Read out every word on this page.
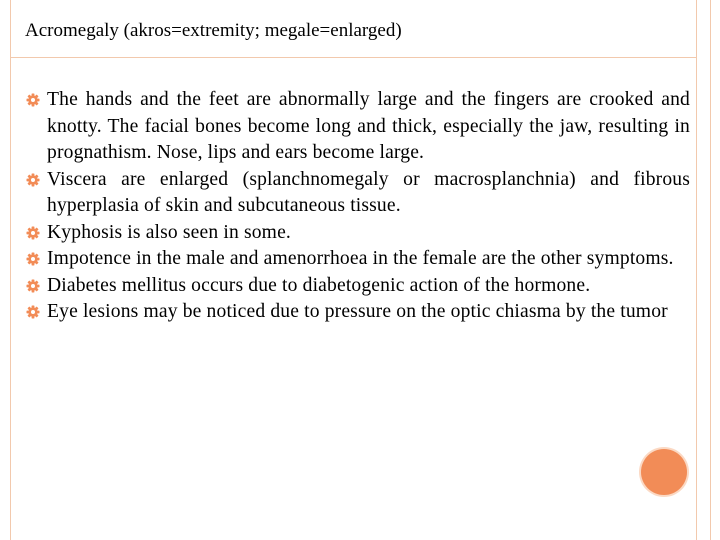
Acromegaly (akros=extremity; megale=enlarged)
The hands and the feet are abnormally large and the fingers are crooked and knotty. The facial bones become long and thick, especially the jaw, resulting in prognathism. Nose, lips and ears become large.
Viscera are enlarged (splanchnomegaly or macrosplanchnia) and fibrous hyperplasia of skin and subcutaneous tissue.
Kyphosis is also seen in some.
Impotence in the male and amenorrhoea in the female are the other symptoms.
Diabetes mellitus occurs due to diabetogenic action of the hormone.
Eye lesions may be noticed due to pressure on the optic chiasma by the tumor
